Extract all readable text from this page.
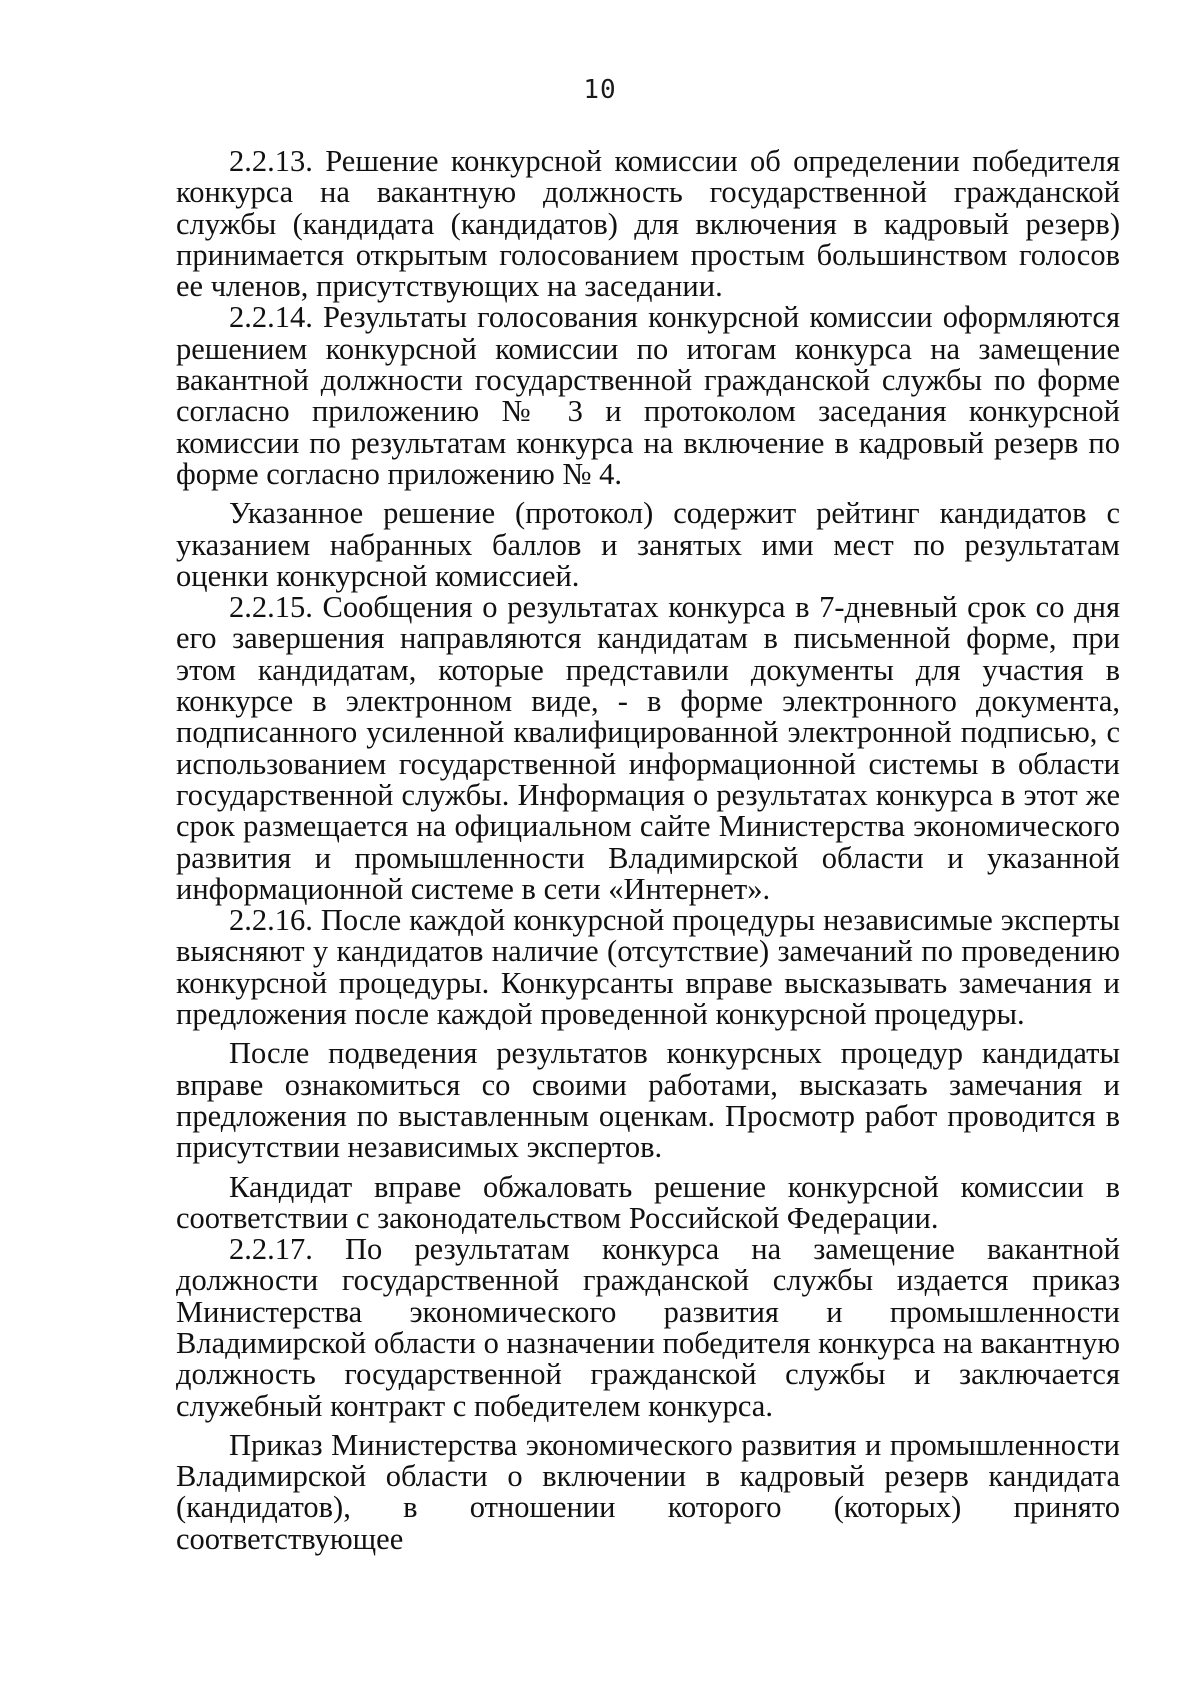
10

2.2.13. Решение конкурсной комиссии об определении победителя конкурса на вакантную должность государственной гражданской службы (кандидата (кандидатов) для включения в кадровый резерв) принимается открытым голосованием простым большинством голосов ее членов, присутствующих на заседании.

2.2.14. Результаты голосования конкурсной комиссии оформляются решением конкурсной комиссии по итогам конкурса на замещение вакантной должности государственной гражданской службы по форме согласно приложению № 3 и протоколом заседания конкурсной комиссии по результатам конкурса на включение в кадровый резерв по форме согласно приложению № 4.

Указанное решение (протокол) содержит рейтинг кандидатов с указанием набранных баллов и занятых ими мест по результатам оценки конкурсной комиссией.

2.2.15. Сообщения о результатах конкурса в 7-дневный срок со дня его завершения направляются кандидатам в письменной форме, при этом кандидатам, которые представили документы для участия в конкурсе в электронном виде, - в форме электронного документа, подписанного усиленной квалифицированной электронной подписью, с использованием государственной информационной системы в области государственной службы. Информация о результатах конкурса в этот же срок размещается на официальном сайте Министерства экономического развития и промышленности Владимирской области и указанной информационной системе в сети «Интернет».

2.2.16. После каждой конкурсной процедуры независимые эксперты выясняют у кандидатов наличие (отсутствие) замечаний по проведению конкурсной процедуры. Конкурсанты вправе высказывать замечания и предложения после каждой проведенной конкурсной процедуры.

После подведения результатов конкурсных процедур кандидаты вправе ознакомиться со своими работами, высказать замечания и предложения по выставленным оценкам. Просмотр работ проводится в присутствии независимых экспертов.

Кандидат вправе обжаловать решение конкурсной комиссии в соответствии с законодательством Российской Федерации.

2.2.17. По результатам конкурса на замещение вакантной должности государственной гражданской службы издается приказ Министерства экономического развития и промышленности Владимирской области о назначении победителя конкурса на вакантную должность государственной гражданской службы и заключается служебный контракт с победителем конкурса.

Приказ Министерства экономического развития и промышленности Владимирской области о включении в кадровый резерв кандидата (кандидатов), в отношении которого (которых) принято соответствующее
